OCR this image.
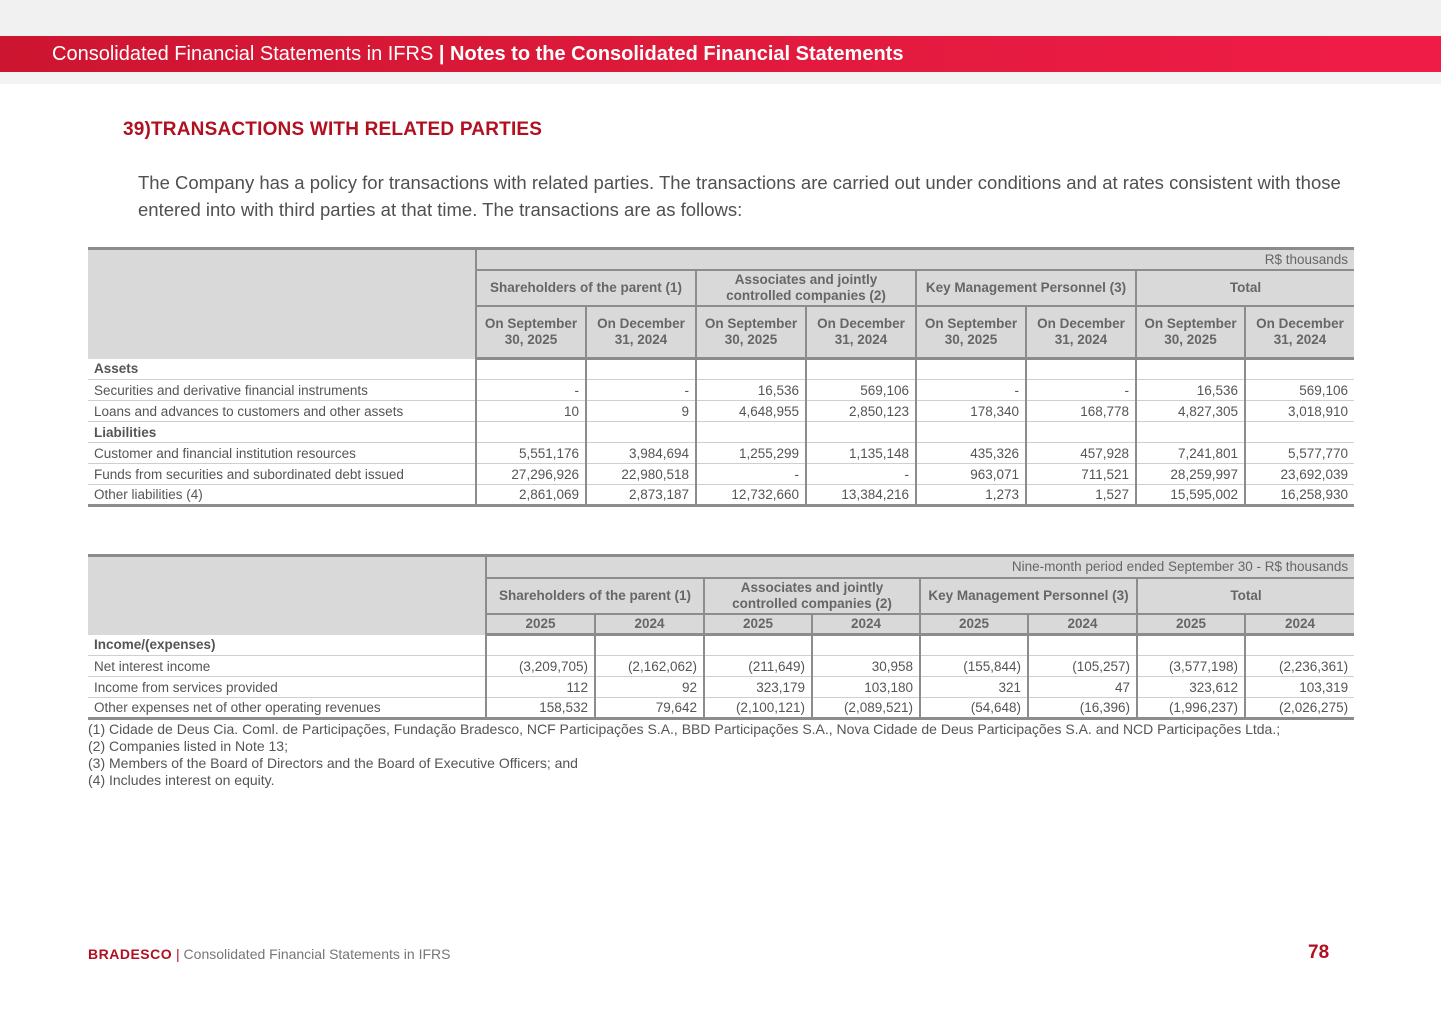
Consolidated Financial Statements in IFRS | Notes to the Consolidated Financial Statements
39)TRANSACTIONS WITH RELATED PARTIES
The Company has a policy for transactions with related parties. The transactions are carried out under conditions and at rates consistent with those entered into with third parties at that time. The transactions are as follows:
	R$ thousands							
	Shareholders of the parent (1)		Associates and jointly controlled companies (2)		Key Management Personnel (3)		Total	
	On September 30, 2025	On December 31, 2024	On September 30, 2025	On December 31, 2024	On September 30, 2025	On December 31, 2024	On September 30, 2025	On December 31, 2024
Assets								
Securities and derivative financial instruments	-	-	16,536	569,106	-	-	16,536	569,106
Loans and advances to customers and other assets	10	9	4,648,955	2,850,123	178,340	168,778	4,827,305	3,018,910
Liabilities								
Customer and financial institution resources	5,551,176	3,984,694	1,255,299	1,135,148	435,326	457,928	7,241,801	5,577,770
Funds from securities and subordinated debt issued	27,296,926	22,980,518	-	-	963,071	711,521	28,259,997	23,692,039
Other liabilities (4)	2,861,069	2,873,187	12,732,660	13,384,216	1,273	1,527	15,595,002	16,258,930
	Nine-month period ended September 30 - R$ thousands							
	Shareholders of the parent (1)		Associates and jointly controlled companies (2)		Key Management Personnel (3)		Total	
	2025	2024	2025	2024	2025	2024	2025	2024
Income/(expenses)								
Net interest income	(3,209,705)	(2,162,062)	(211,649)	30,958	(155,844)	(105,257)	(3,577,198)	(2,236,361)
Income from services provided	112	92	323,179	103,180	321	47	323,612	103,319
Other expenses net of other operating revenues	158,532	79,642	(2,100,121)	(2,089,521)	(54,648)	(16,396)	(1,996,237)	(2,026,275)
(1) Cidade de Deus Cia. Coml. de Participações, Fundação Bradesco, NCF Participações S.A., BBD Participações S.A., Nova Cidade de Deus Participações S.A. and NCD Participações Ltda.;
(2) Companies listed in Note 13;
(3) Members of the Board of Directors and the Board of Executive Officers; and
(4) Includes interest on equity.
BRADESCO | Consolidated Financial Statements in IFRS	78
